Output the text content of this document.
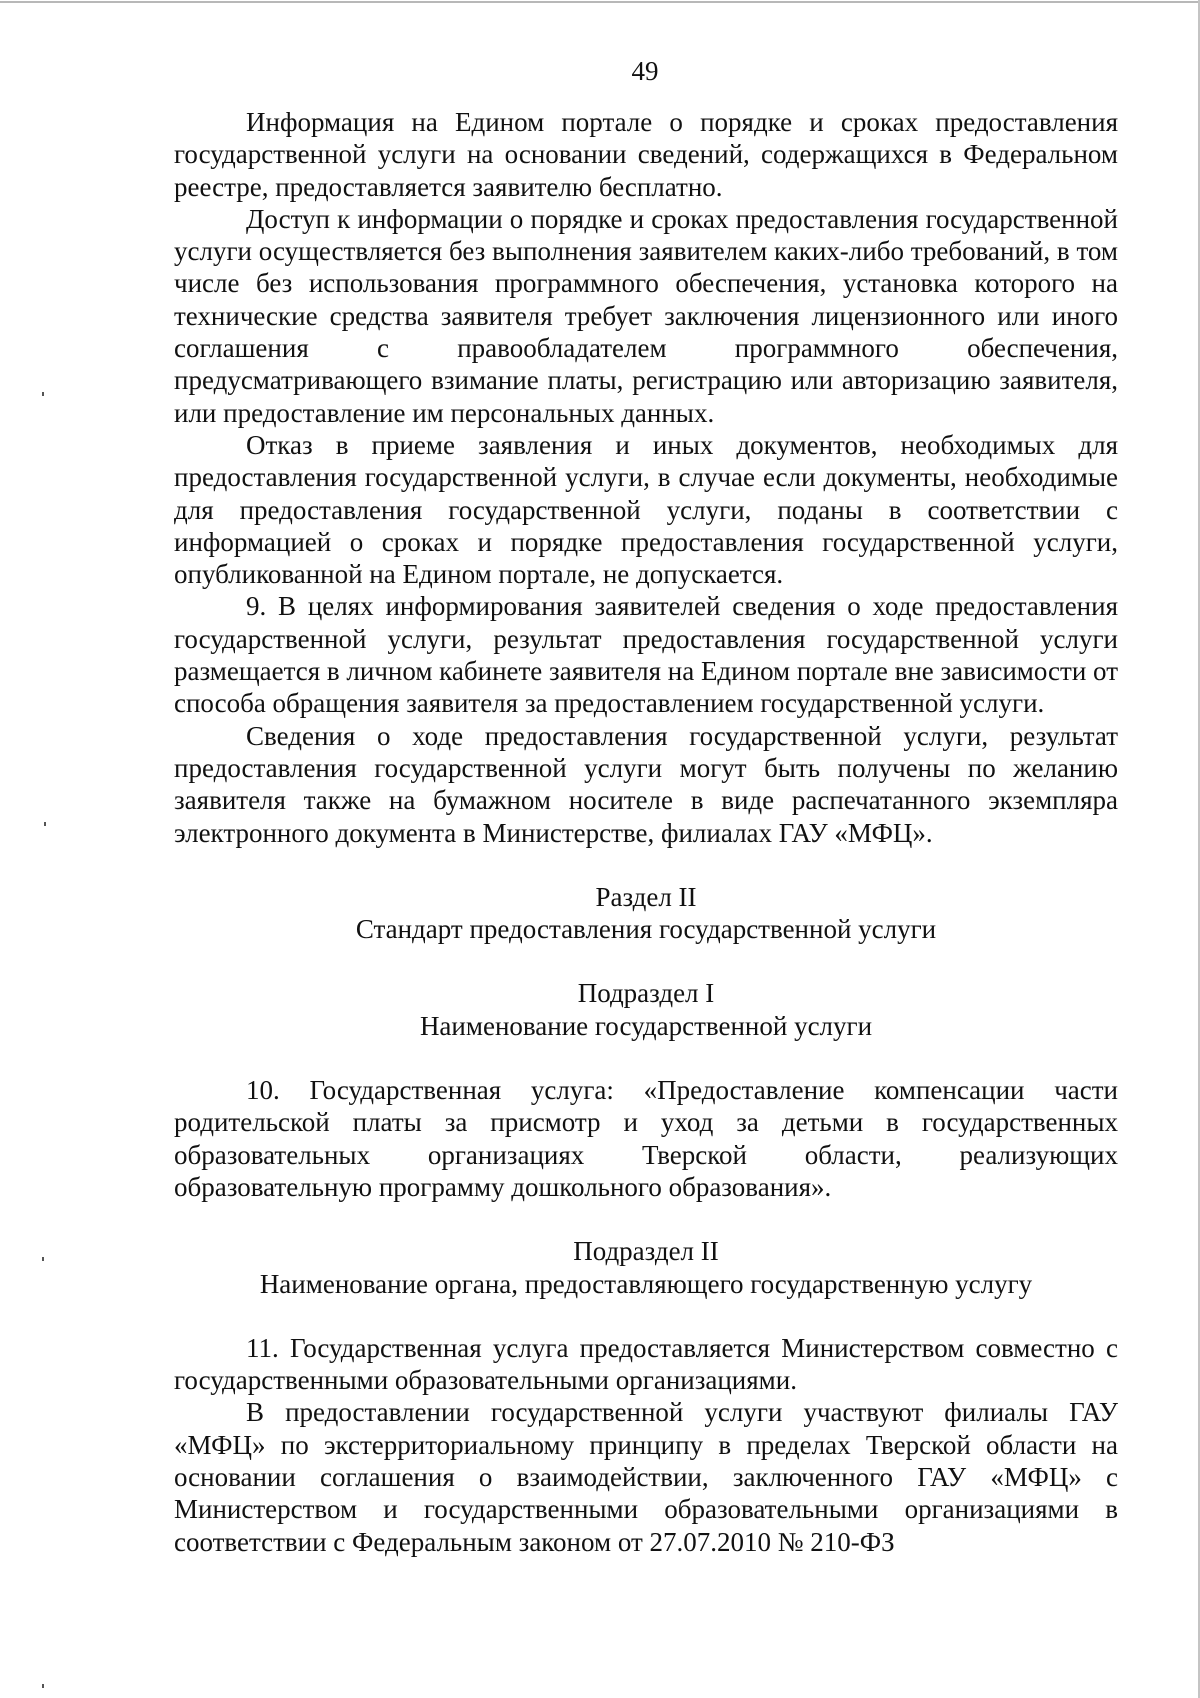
49

Информация на Едином портале о порядке и сроках предоставления государственной услуги на основании сведений, содержащихся в Федеральном реестре, предоставляется заявителю бесплатно.

Доступ к информации о порядке и сроках предоставления государственной услуги осуществляется без выполнения заявителем каких-либо требований, в том числе без использования программного обеспечения, установка которого на технические средства заявителя требует заключения лицензионного или иного соглашения с правообладателем программного обеспечения, предусматривающего взимание платы, регистрацию или авторизацию заявителя, или предоставление им персональных данных.

Отказ в приеме заявления и иных документов, необходимых для предоставления государственной услуги, в случае если документы, необходимые для предоставления государственной услуги, поданы в соответствии с информацией о сроках и порядке предоставления государственной услуги, опубликованной на Едином портале, не допускается.

9. В целях информирования заявителей сведения о ходе предоставления государственной услуги, результат предоставления государственной услуги размещается в личном кабинете заявителя на Едином портале вне зависимости от способа обращения заявителя за предоставлением государственной услуги.

Сведения о ходе предоставления государственной услуги, результат предоставления государственной услуги могут быть получены по желанию заявителя также на бумажном носителе в виде распечатанного экземпляра электронного документа в Министерстве, филиалах ГАУ «МФЦ».

Раздел II
Стандарт предоставления государственной услуги
Подраздел I
Наименование государственной услуги

10. Государственная услуга: «Предоставление компенсации части родительской платы за присмотр и уход за детьми в государственных образовательных организациях Тверской области, реализующих образовательную программу дошкольного образования».

Подраздел II
Наименование органа, предоставляющего государственную услугу

11. Государственная услуга предоставляется Министерством совместно с государственными образовательными организациями.

В предоставлении государственной услуги участвуют филиалы ГАУ «МФЦ» по экстерриториальному принципу в пределах Тверской области на основании соглашения о взаимодействии, заключенного ГАУ «МФЦ» с Министерством и государственными образовательными организациями в соответствии с Федеральным законом от 27.07.2010 № 210-ФЗ
